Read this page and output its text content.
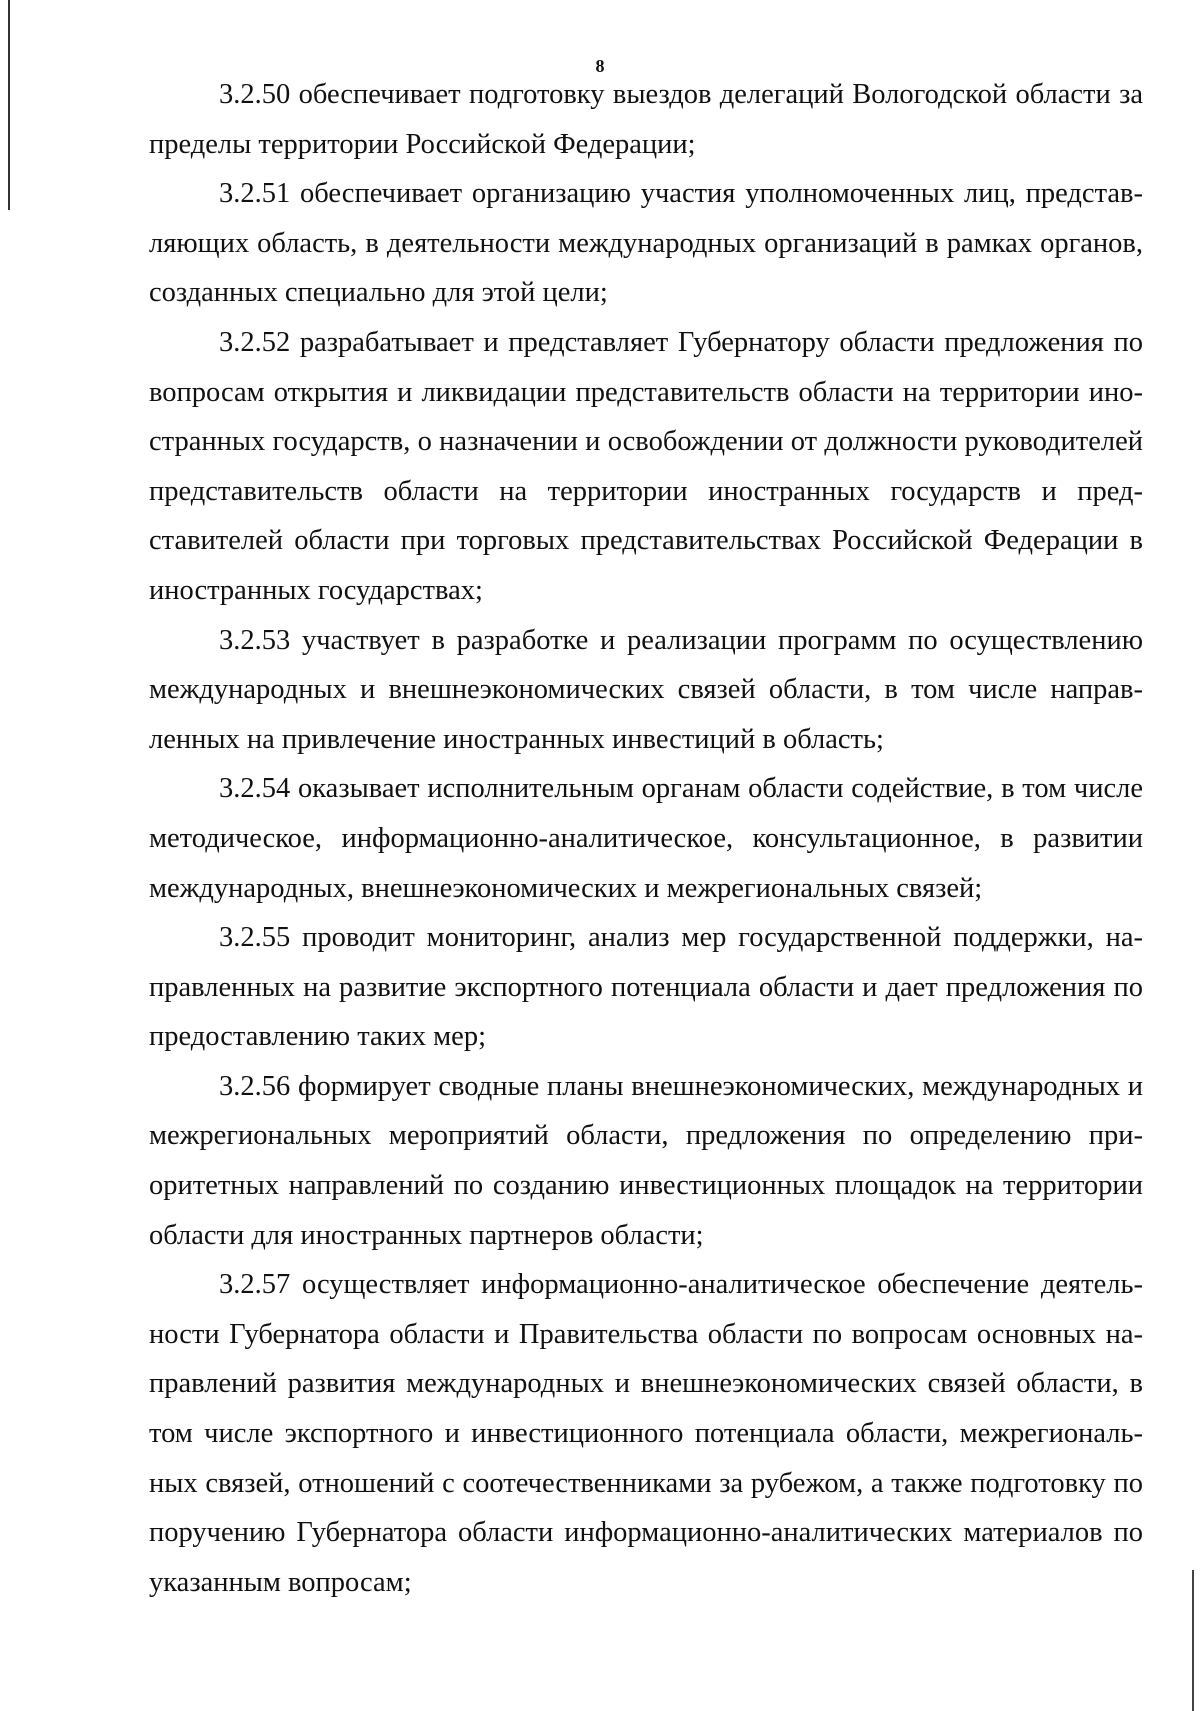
8

3.2.50 обеспечивает подготовку выездов делегаций Вологодской области за пределы территории Российской Федерации;

3.2.51 обеспечивает организацию участия уполномоченных лиц, представляющих область, в деятельности международных организаций в рамках органов, созданных специально для этой цели;

3.2.52 разрабатывает и представляет Губернатору области предложения по вопросам открытия и ликвидации представительств области на территории иностранных государств, о назначении и освобождении от должности руководителей представительств области на территории иностранных государств и представителей области при торговых представительствах Российской Федерации в иностранных государствах;

3.2.53 участвует в разработке и реализации программ по осуществлению международных и внешнеэкономических связей области, в том числе направленных на привлечение иностранных инвестиций в область;

3.2.54 оказывает исполнительным органам области содействие, в том числе методическое, информационно-аналитическое, консультационное, в развитии международных, внешнеэкономических и межрегиональных связей;

3.2.55 проводит мониторинг, анализ мер государственной поддержки, направленных на развитие экспортного потенциала области и дает предложения по предоставлению таких мер;

3.2.56 формирует сводные планы внешнеэкономических, международных и межрегиональных мероприятий области, предложения по определению приоритетных направлений по созданию инвестиционных площадок на территории области для иностранных партнеров области;

3.2.57 осуществляет информационно-аналитическое обеспечение деятельности Губернатора области и Правительства области по вопросам основных направлений развития международных и внешнеэкономических связей области, в том числе экспортного и инвестиционного потенциала области, межрегиональных связей, отношений с соотечественниками за рубежом, а также подготовку по поручению Губернатора области информационно-аналитических материалов по указанным вопросам;
